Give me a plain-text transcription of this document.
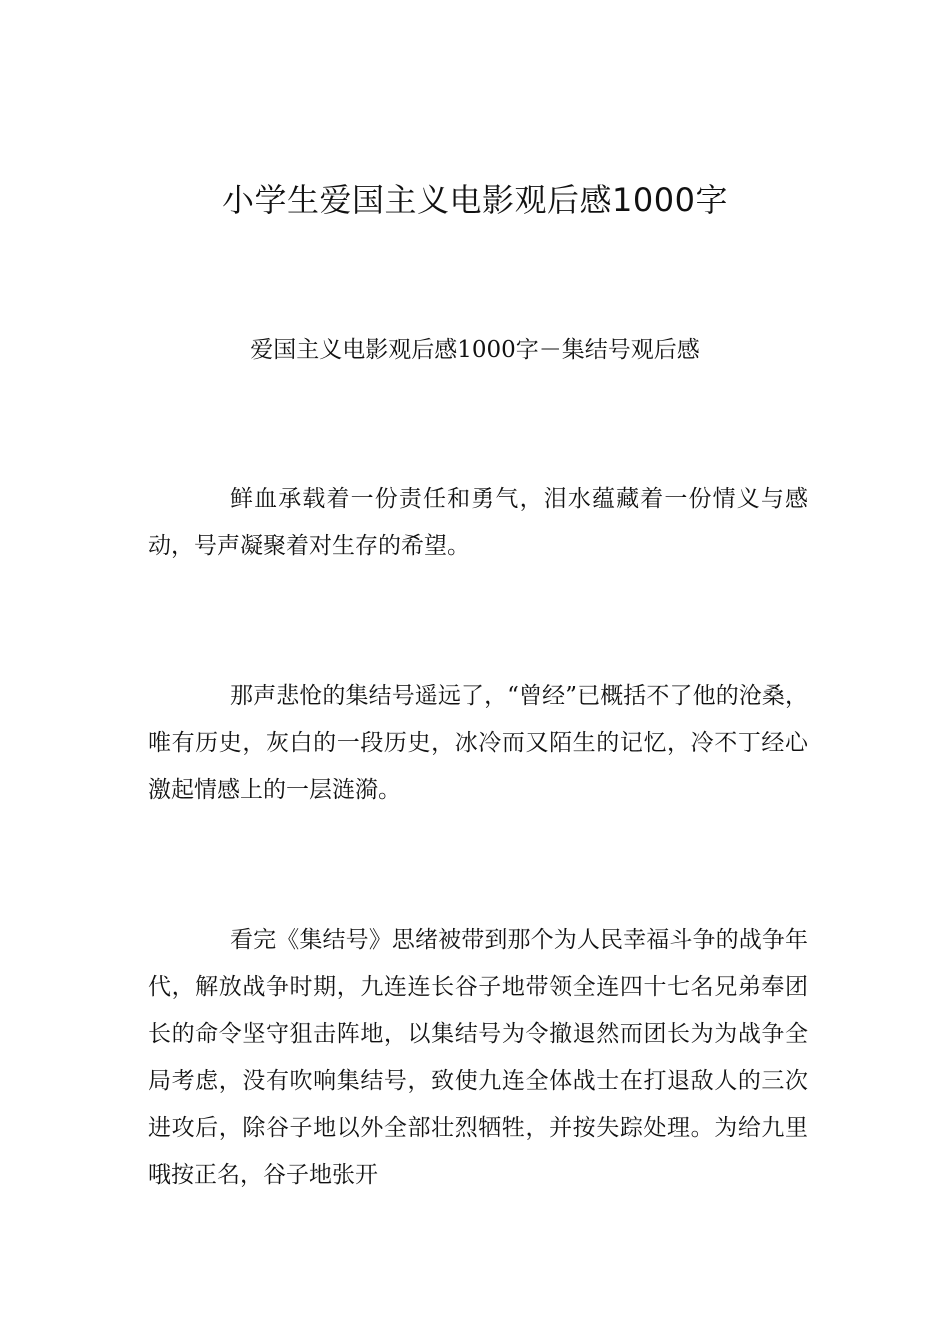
小学生爱国主义电影观后感1000字

爱国主义电影观后感1000字－集结号观后感

鲜血承载着一份责任和勇气，泪水蕴藏着一份情义与感动，号声凝聚着对生存的希望。

那声悲怆的集结号遥远了，“曾经”已概括不了他的沧桑，唯有历史，灰白的一段历史，冰冷而又陌生的记忆，冷不丁经心激起情感上的一层涟漪。

看完《集结号》思绪被带到那个为人民幸福斗争的战争年代，解放战争时期，九连连长谷子地带领全连四十七名兄弟奉团长的命令坚守狙击阵地，以集结号为令撤退然而团长为为战争全局考虑，没有吹响集结号，致使九连全体战士在打退敌人的三次进攻后，除谷子地以外全部壮烈牺牲，并按失踪处理。为给九里哦按正名，谷子地张开
